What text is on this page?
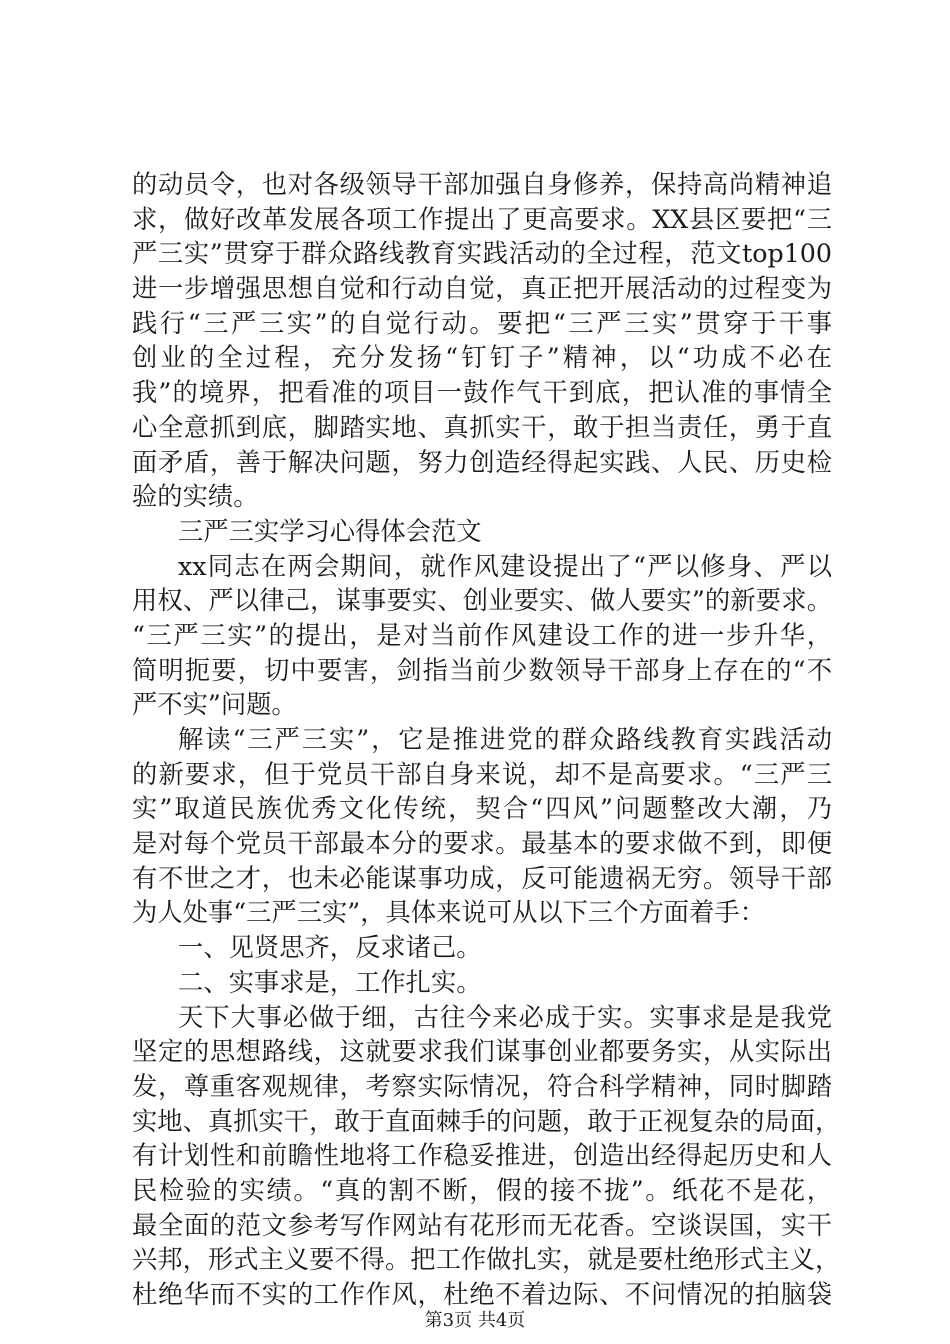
的动员令，也对各级领导干部加强自身修养，保持高尚精神追
求，做好改革发展各项工作提出了更高要求。XX县区要把“三
严三实”贯穿于群众路线教育实践活动的全过程，范文top100
进一步增强思想自觉和行动自觉，真正把开展活动的过程变为
践行“三严三实”的自觉行动。要把“三严三实”贯穿于干事
创业的全过程，充分发扬“钉钉子”精神，以“功成不必在
我”的境界，把看准的项目一鼓作气干到底，把认准的事情全
心全意抓到底，脚踏实地、真抓实干，敢于担当责任，勇于直
面矛盾，善于解决问题，努力创造经得起实践、人民、历史检
验的实绩。
三严三实学习心得体会范文
xx同志在两会期间，就作风建设提出了“严以修身、严以
用权、严以律己，谋事要实、创业要实、做人要实”的新要求。
“三严三实”的提出，是对当前作风建设工作的进一步升华，
简明扼要，切中要害，剑指当前少数领导干部身上存在的“不
严不实”问题。
解读“三严三实”，它是推进党的群众路线教育实践活动
的新要求，但于党员干部自身来说，却不是高要求。“三严三
实”取道民族优秀文化传统，契合“四风”问题整改大潮，乃
是对每个党员干部最本分的要求。最基本的要求做不到，即便
有不世之才，也未必能谋事功成，反可能遗祸无穷。领导干部
为人处事“三严三实”，具体来说可从以下三个方面着手：
一、见贤思齐，反求诸己。
二、实事求是，工作扎实。
天下大事必做于细，古往今来必成于实。实事求是是我党
坚定的思想路线，这就要求我们谋事创业都要务实，从实际出
发，尊重客观规律，考察实际情况，符合科学精神，同时脚踏
实地、真抓实干，敢于直面棘手的问题，敢于正视复杂的局面，
有计划性和前瞻性地将工作稳妥推进，创造出经得起历史和人
民检验的实绩。“真的割不断，假的接不拢”。纸花不是花，
最全面的范文参考写作网站有花形而无花香。空谈误国，实干
兴邦，形式主义要不得。把工作做扎实，就是要杜绝形式主义，
杜绝华而不实的工作作风，杜绝不着边际、不问情况的拍脑袋
第3页 共4页
